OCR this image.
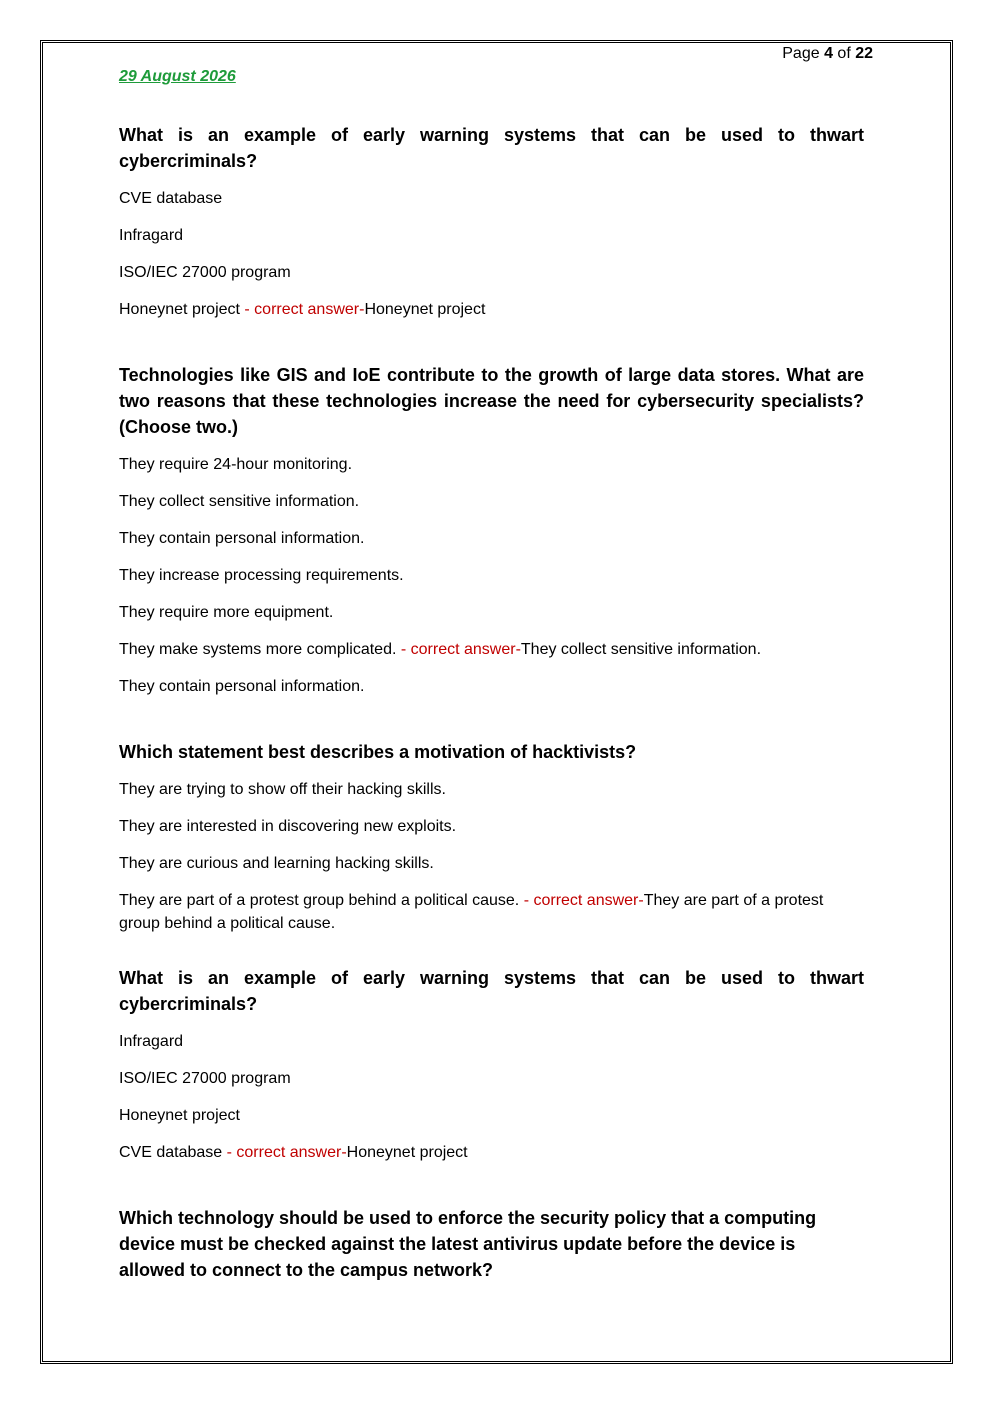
Page 4 of 22
29 August 2026

What is an example of early warning systems that can be used to thwart cybercriminals?

CVE database

Infragard

ISO/IEC 27000 program

Honeynet project - correct answer-Honeynet project

Technologies like GIS and IoE contribute to the growth of large data stores. What are two reasons that these technologies increase the need for cybersecurity specialists? (Choose two.)

They require 24-hour monitoring.

They collect sensitive information.

They contain personal information.

They increase processing requirements.

They require more equipment.

They make systems more complicated. - correct answer-They collect sensitive information.

They contain personal information.

Which statement best describes a motivation of hacktivists?

They are trying to show off their hacking skills.

They are interested in discovering new exploits.

They are curious and learning hacking skills.

They are part of a protest group behind a political cause. - correct answer-They are part of a protest group behind a political cause.

What is an example of early warning systems that can be used to thwart cybercriminals?

Infragard

ISO/IEC 27000 program

Honeynet project

CVE database - correct answer-Honeynet project

Which technology should be used to enforce the security policy that a computing device must be checked against the latest antivirus update before the device is allowed to connect to the campus network?
